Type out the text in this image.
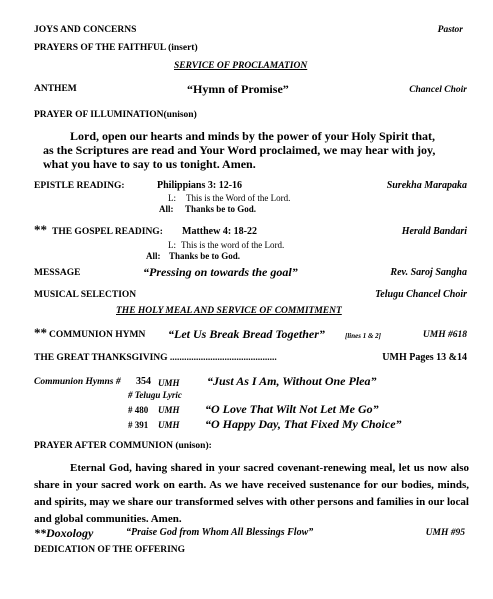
JOYS AND CONCERNS	Pastor
PRAYERS OF THE FAITHFUL (insert)
SERVICE OF PROCLAMATION
ANTHEM	“Hymn of Promise”	Chancel Choir
PRAYER OF ILLUMINATION(unison)
Lord, open our hearts and minds by the power of your Holy Spirit that,
as the Scriptures are read and Your Word proclaimed, we may hear with joy,
what you have to say to us tonight. Amen.
EPISTLE READING:	Philippians 3: 12-16	Surekha Marapaka
L: This is the Word of the Lord.
All: Thanks be to God.
** THE GOSPEL READING: Matthew 4: 18-22	Herald Bandari
L: This is the word of the Lord.
All: Thanks be to God.
MESSAGE	“Pressing on towards the goal”	Rev. Saroj Sangha
MUSICAL SELECTION	Telugu Chancel Choir
THE HOLY MEAL AND SERVICE OF COMMITMENT
** COMMUNION HYMN “Let Us Break Bread Together”	[lines 1 & 2]	UMH #618
THE GREAT THANKSGIVING .............................................	UMH Pages 13 &14
Communion Hymns # 354 UMH “Just As I Am, Without One Plea”
# Telugu Lyric
# 480 UMH “O Love That Wilt Not Let Me Go”
# 391 UMH “O Happy Day, That Fixed My Choice”
PRAYER AFTER COMMUNION (unison):
Eternal God, having shared in your sacred covenant-renewing meal, let us now also share in your sacred work on earth. As we have received sustenance for our bodies, minds, and spirits, may we share our transformed selves with other persons and families in our local and global communities. Amen.
**Doxology	“Praise God from Whom All Blessings Flow”	UMH #95
DEDICATION OF THE OFFERING
